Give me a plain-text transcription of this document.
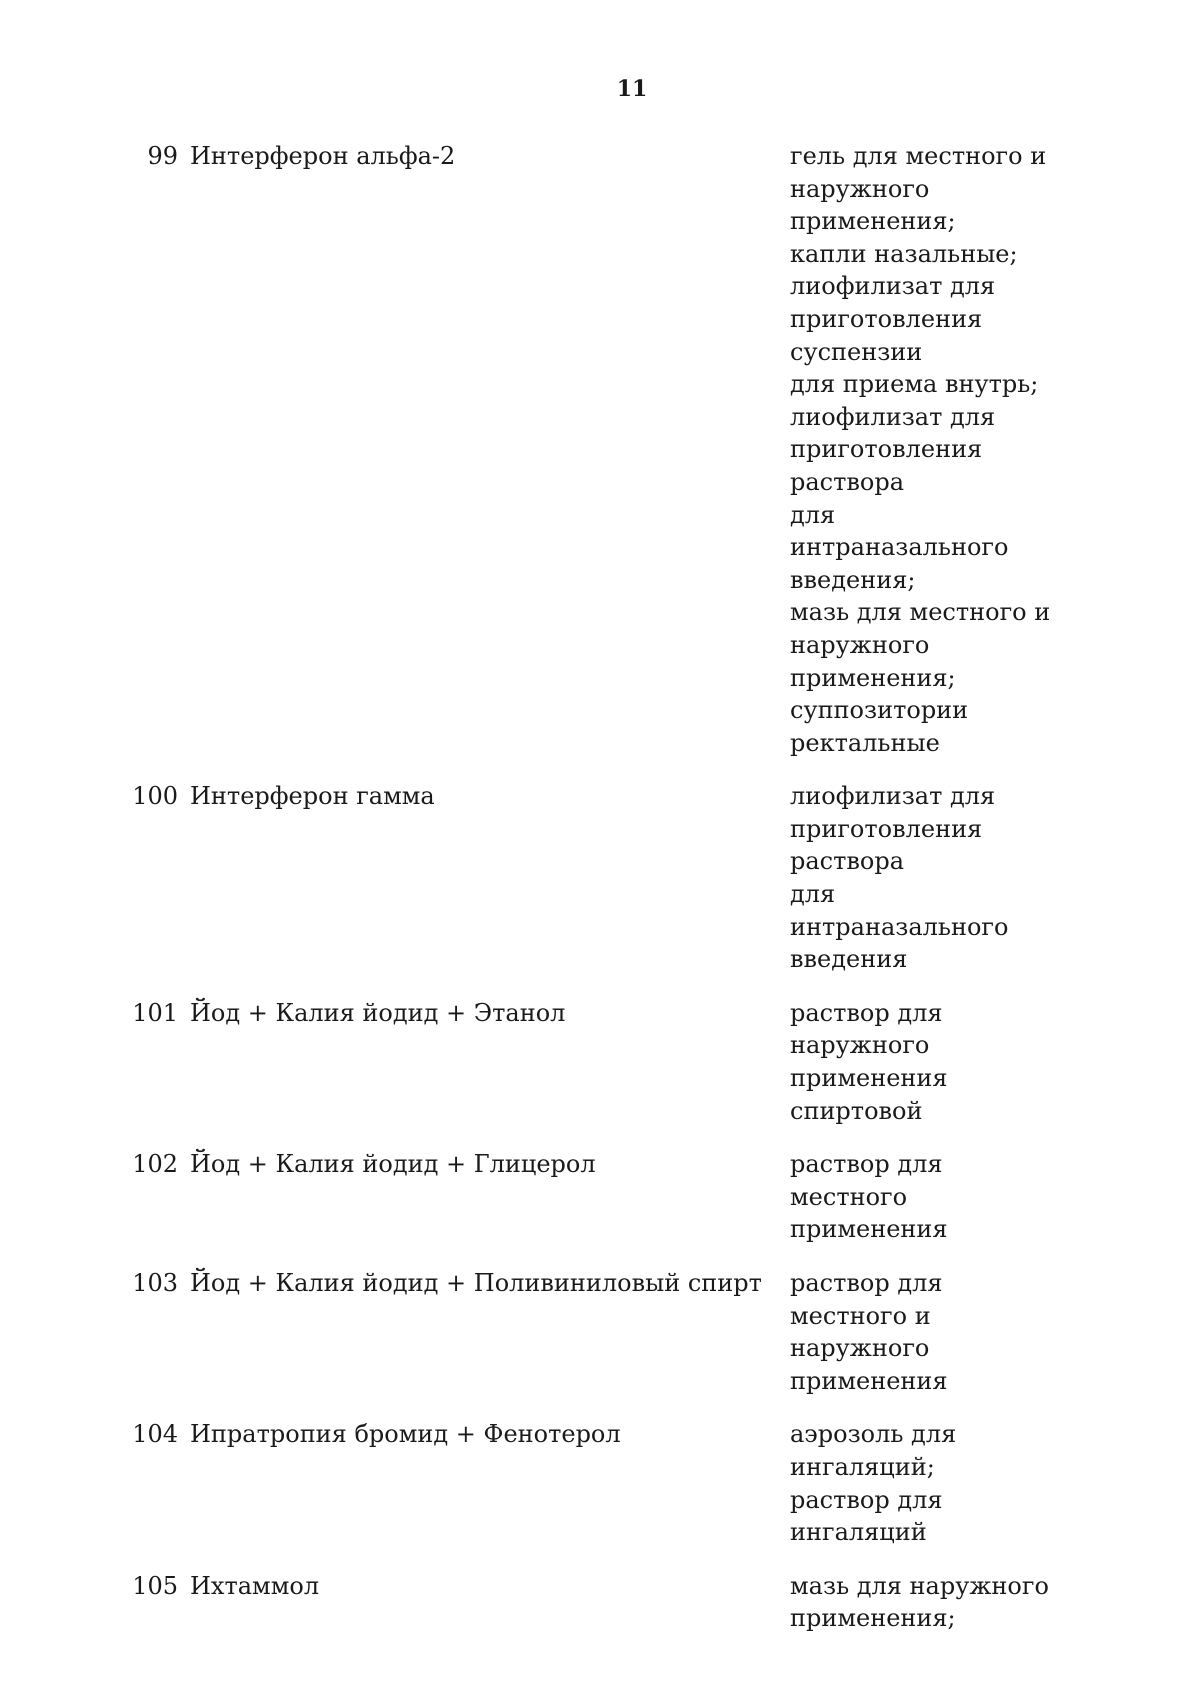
11
99 Интерферон альфа-2	гель для местного и
наружного
применения;
капли назальные;
лиофилизат для
приготовления
суспензии
для приема внутрь;
лиофилизат для
приготовления
раствора
для
интраназального
введения;
мазь для местного и
наружного
применения;
суппозитории
ректальные
100 Интерферон гамма	лиофилизат для
приготовления
раствора
для
интраназального
введения
101 Йод + Калия йодид + Этанол	раствор для
наружного
применения
спиртовой
102 Йод + Калия йодид + Глицерол	раствор для
местного
применения
103 Йод + Калия йодид + Поливиниловый спирт	раствор для
местного и
наружного
применения
104 Ипратропия бромид + Фенотерол	аэрозоль для
ингаляций;
раствор для
ингаляций
105 Ихтаммол	мазь для наружного
применения;
